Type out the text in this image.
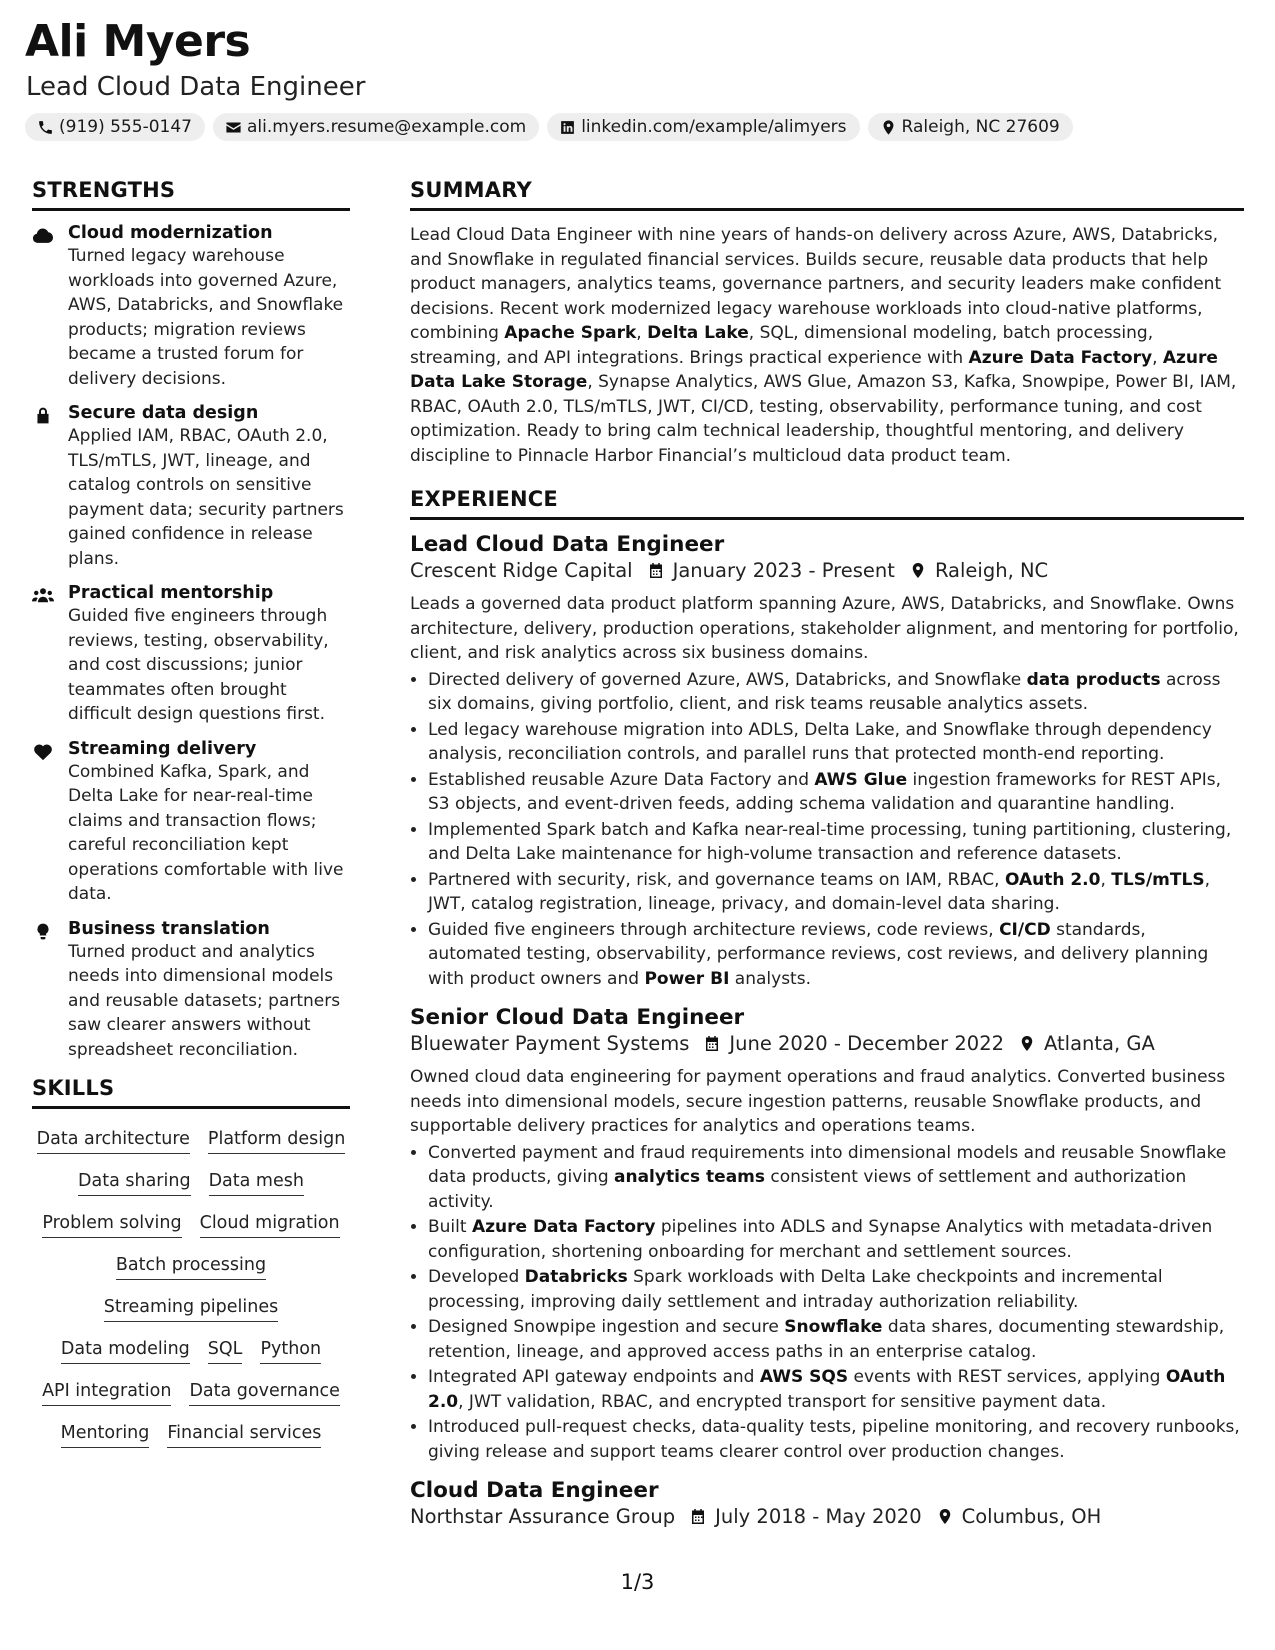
Ali Myers
Lead Cloud Data Engineer
(919) 555-0147	ali.myers.resume@example.com	linkedin.com/example/alimyers	Raleigh, NC 27609
STRENGTHS
Cloud modernization

Turned legacy warehouse workloads into governed Azure, AWS, Databricks, and Snowflake products; migration reviews became a trusted forum for delivery decisions.

Secure data design

Applied IAM, RBAC, OAuth 2.0, TLS/mTLS, JWT, lineage, and catalog controls on sensitive payment data; security partners gained confidence in release plans.

Practical mentorship

Guided five engineers through reviews, testing, observability, and cost discussions; junior teammates often brought difficult design questions first.

Streaming delivery

Combined Kafka, Spark, and Delta Lake for near-real-time claims and transaction flows; careful reconciliation kept operations comfortable with live data.

Business translation

Turned product and analytics needs into dimensional models and reusable datasets; partners saw clearer answers without spreadsheet reconciliation.

SKILLS
Data architecture Platform design
Data sharing Data mesh
Problem solving Cloud migration
Batch processing
Streaming pipelines
Data modeling SQL Python
API integration Data governance
Mentoring Financial services
SUMMARY

Lead Cloud Data Engineer with nine years of hands-on delivery across Azure, AWS, Databricks, and Snowflake in regulated financial services. Builds secure, reusable data products that help product managers, analytics teams, governance partners, and security leaders make confident decisions. Recent work modernized legacy warehouse workloads into cloud-native platforms, combining Apache Spark, Delta Lake, SQL, dimensional modeling, batch processing, streaming, and API integrations. Brings practical experience with Azure Data Factory, Azure Data Lake Storage, Synapse Analytics, AWS Glue, Amazon S3, Kafka, Snowpipe, Power BI, IAM, RBAC, OAuth 2.0, TLS/mTLS, JWT, CI/CD, testing, observability, performance tuning, and cost optimization. Ready to bring calm technical leadership, thoughtful mentoring, and delivery discipline to Pinnacle Harbor Financial’s multicloud data product team.

EXPERIENCE
Lead Cloud Data Engineer
Crescent Ridge Capital January 2023 - Present Raleigh, NC

Leads a governed data product platform spanning Azure, AWS, Databricks, and Snowflake. Owns architecture, delivery, production operations, stakeholder alignment, and mentoring for portfolio, client, and risk analytics across six business domains.

• Directed delivery of governed Azure, AWS, Databricks, and Snowflake data products across six domains, giving portfolio, client, and risk teams reusable analytics assets.
• Led legacy warehouse migration into ADLS, Delta Lake, and Snowflake through dependency analysis, reconciliation controls, and parallel runs that protected month-end reporting.
• Established reusable Azure Data Factory and AWS Glue ingestion frameworks for REST APIs, S3 objects, and event-driven feeds, adding schema validation and quarantine handling.
• Implemented Spark batch and Kafka near-real-time processing, tuning partitioning, clustering, and Delta Lake maintenance for high-volume transaction and reference datasets.
• Partnered with security, risk, and governance teams on IAM, RBAC, OAuth 2.0, TLS/mTLS, JWT, catalog registration, lineage, privacy, and domain-level data sharing.
• Guided five engineers through architecture reviews, code reviews, CI/CD standards, automated testing, observability, performance reviews, cost reviews, and delivery planning with product owners and Power BI analysts.
Senior Cloud Data Engineer
Bluewater Payment Systems June 2020 - December 2022 Atlanta, GA

Owned cloud data engineering for payment operations and fraud analytics. Converted business needs into dimensional models, secure ingestion patterns, reusable Snowflake products, and supportable delivery practices for analytics and operations teams.

• Converted payment and fraud requirements into dimensional models and reusable Snowflake data products, giving analytics teams consistent views of settlement and authorization activity.
• Built Azure Data Factory pipelines into ADLS and Synapse Analytics with metadata-driven configuration, shortening onboarding for merchant and settlement sources.
• Developed Databricks Spark workloads with Delta Lake checkpoints and incremental processing, improving daily settlement and intraday authorization reliability.
• Designed Snowpipe ingestion and secure Snowflake data shares, documenting stewardship, retention, lineage, and approved access paths in an enterprise catalog.
• Integrated API gateway endpoints and AWS SQS events with REST services, applying OAuth 2.0, JWT validation, RBAC, and encrypted transport for sensitive payment data.
• Introduced pull-request checks, data-quality tests, pipeline monitoring, and recovery runbooks, giving release and support teams clearer control over production changes.
Cloud Data Engineer
Northstar Assurance Group July 2018 - May 2020 Columbus, OH
1/3
